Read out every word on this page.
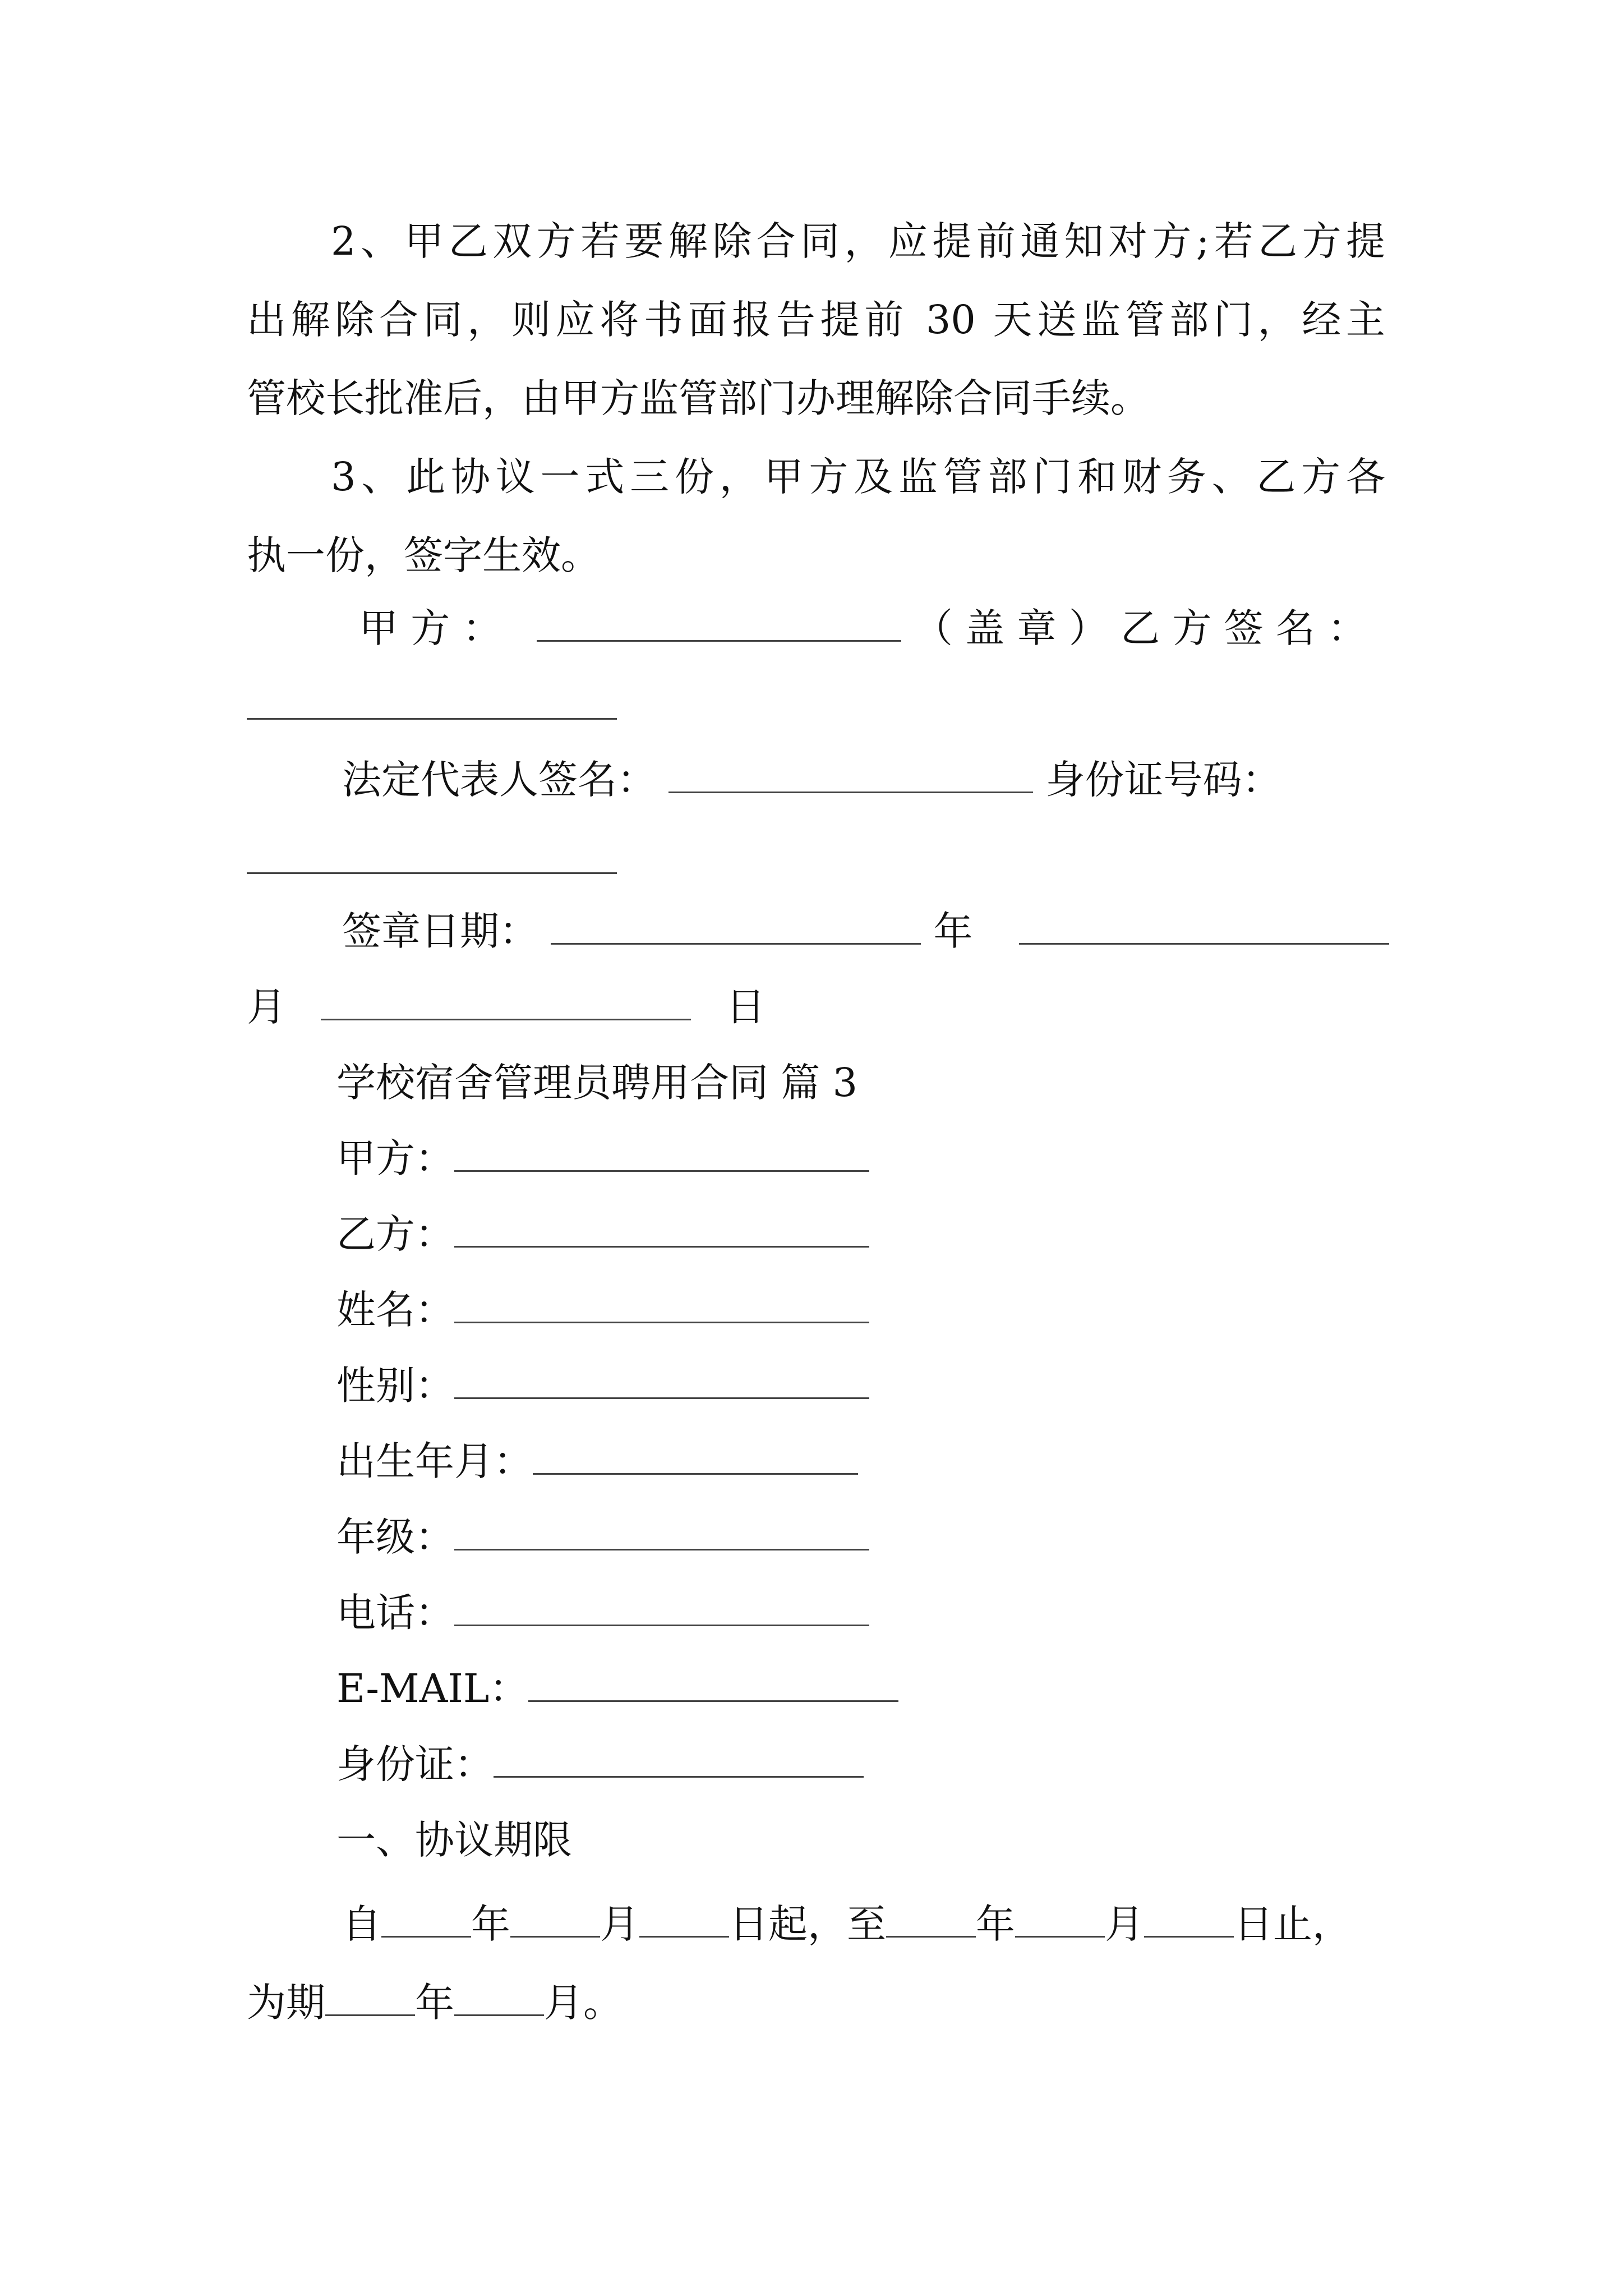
2、甲乙双方若要解除合同，应提前通知对方;若乙方提
出解除合同，则应将书面报告提前 30 天送监管部门，经主
管校长批准后，由甲方监管部门办理解除合同手续。
3、此协议一式三份，甲方及监管部门和财务、乙方各
执一份，签字生效。
甲 方 ：	（ 盖 章 ） 乙 方 签 名 ：
法定代表人签名：	身份证号码：
签章日期：	年
月	日
学校宿舍管理员聘用合同 篇 3
甲方：
乙方：
姓名：
性别：
出生年月：
年级：
电话：
E-MAIL：
身份证：
一、协议期限
自 年 月 日起，至 年 月 日止，
为期 年 月。
